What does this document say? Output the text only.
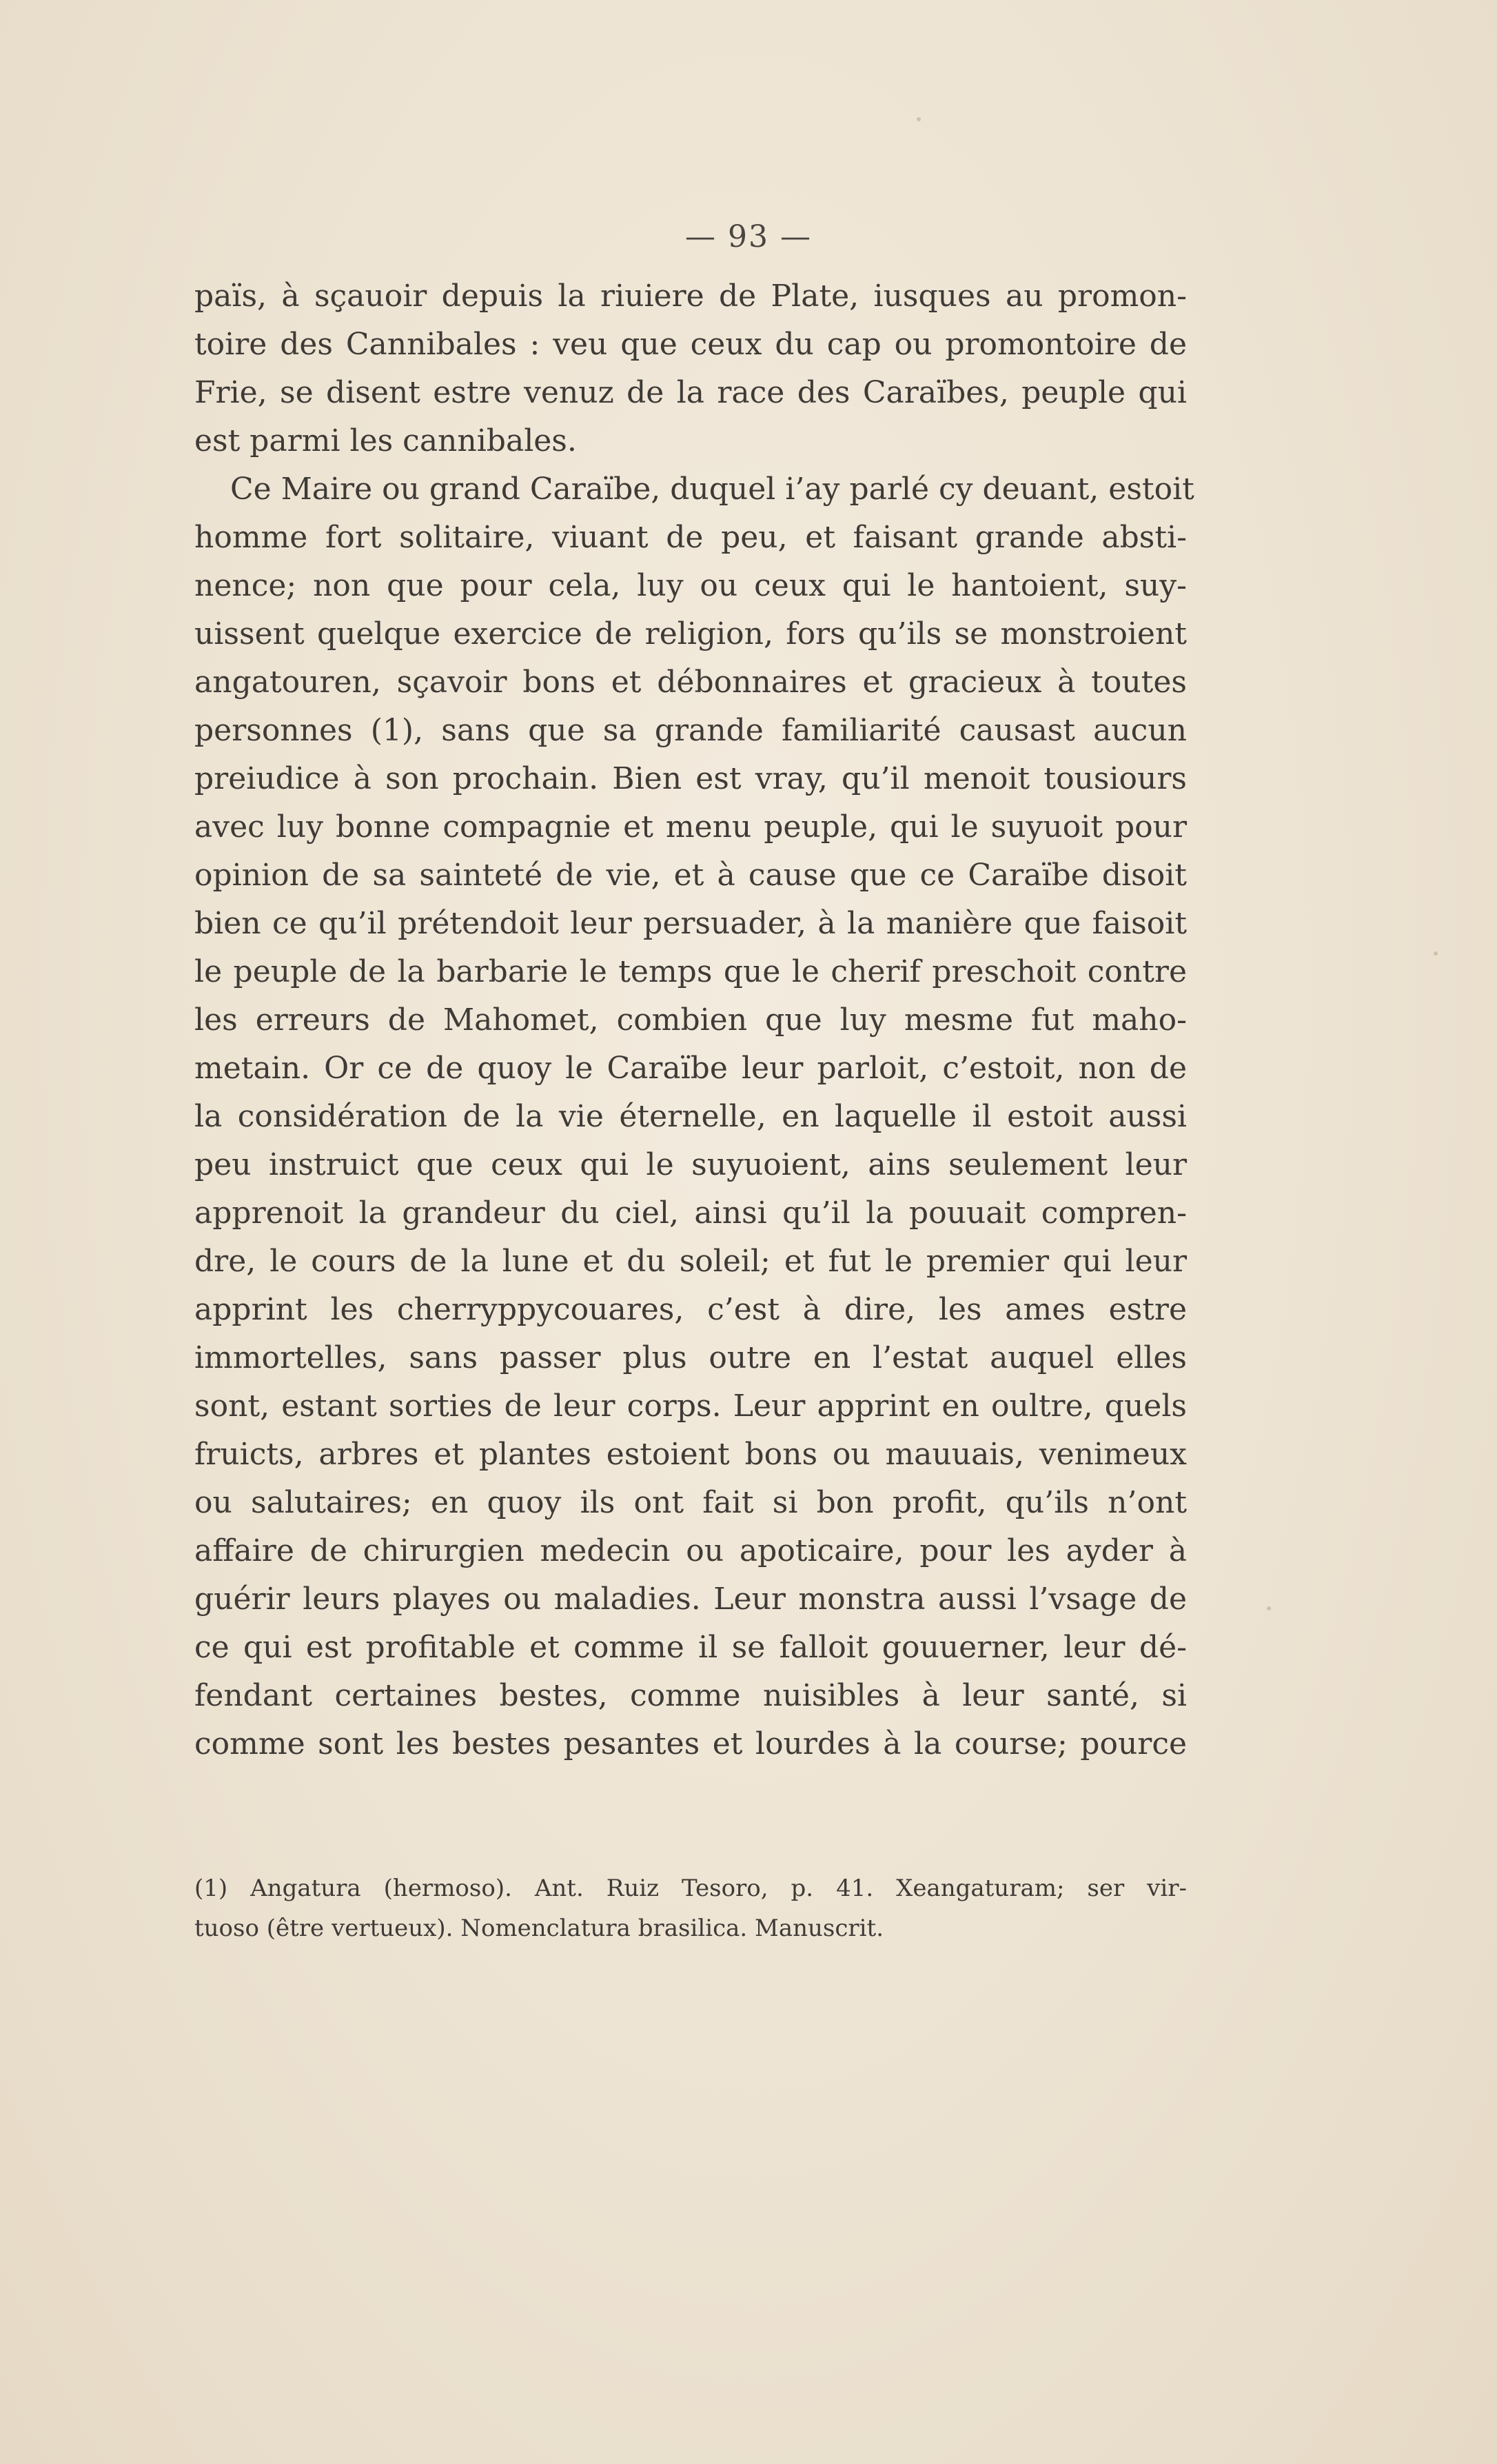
— 93 —
païs, à sçauoir depuis la riuiere de Plate, iusques au promon-
toire des Cannibales : veu que ceux du cap ou promontoire de
Frie, se disent estre venuz de la race des Caraïbes, peuple qui
est parmi les cannibales.
Ce Maire ou grand Caraïbe, duquel i’ay parlé cy deuant, estoit
homme fort solitaire, viuant de peu, et faisant grande absti-
nence; non que pour cela, luy ou ceux qui le hantoient, suy-
uissent quelque exercice de religion, fors qu’ils se monstroient
angatouren, sçavoir bons et débonnaires et gracieux à toutes
personnes (1), sans que sa grande familiarité causast aucun
preiudice à son prochain. Bien est vray, qu’il menoit tousiours
avec luy bonne compagnie et menu peuple, qui le suyuoit pour
opinion de sa sainteté de vie, et à cause que ce Caraïbe disoit
bien ce qu’il prétendoit leur persuader, à la manière que faisoit
le peuple de la barbarie le temps que le cherif preschoit contre
les erreurs de Mahomet, combien que luy mesme fut maho-
metain. Or ce de quoy le Caraïbe leur parloit, c’estoit, non de
la considération de la vie éternelle, en laquelle il estoit aussi
peu instruict que ceux qui le suyuoient, ains seulement leur
apprenoit la grandeur du ciel, ainsi qu’il la pouuait compren-
dre, le cours de la lune et du soleil; et fut le premier qui leur
apprint les cherryppycouares, c’est à dire, les ames estre
immortelles, sans passer plus outre en l’estat auquel elles
sont, estant sorties de leur corps. Leur apprint en oultre, quels
fruicts, arbres et plantes estoient bons ou mauuais, venimeux
ou salutaires; en quoy ils ont fait si bon profit, qu’ils n’ont
affaire de chirurgien medecin ou apoticaire, pour les ayder à
guérir leurs playes ou maladies. Leur monstra aussi l’vsage de
ce qui est profitable et comme il se falloit gouuerner, leur dé-
fendant certaines bestes, comme nuisibles à leur santé, si
comme sont les bestes pesantes et lourdes à la course; pource
(1) Angatura (hermoso). Ant. Ruiz Tesoro, p. 41. Xeangaturam; ser vir-
tuoso (être vertueux). Nomenclatura brasilica. Manuscrit.
